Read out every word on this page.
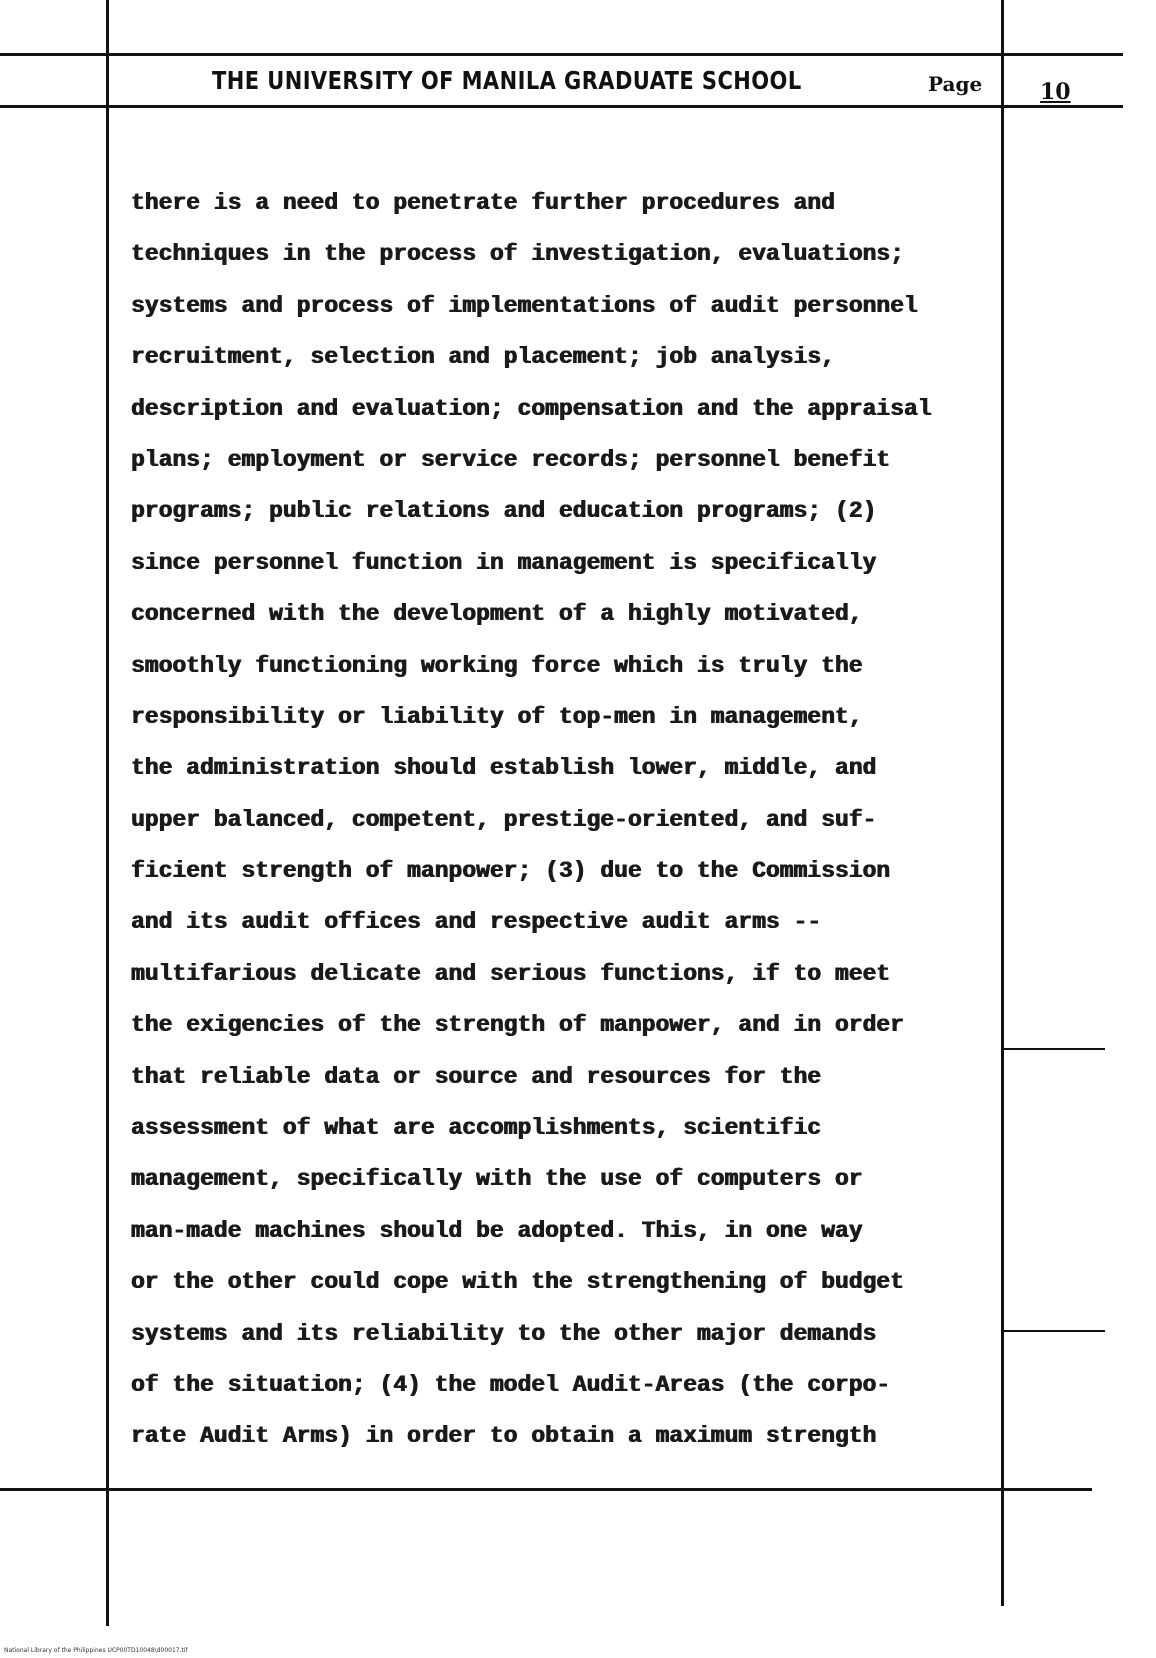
THE UNIVERSITY OF MANILA GRADUATE SCHOOL	Page	10
there is a need to penetrate further procedures and
techniques in the process of investigation, evaluations;
systems and process of implementations of audit personnel
recruitment, selection and placement; job analysis,
description and evaluation; compensation and the appraisal
plans; employment or service records; personnel benefit
programs; public relations and education programs; (2)
since personnel function in management is specifically
concerned with the development of a highly motivated,
smoothly functioning working force which is truly the
responsibility or liability of top-men in management,
the administration should establish lower, middle, and
upper balanced, competent, prestige-oriented, and suf-
ficient strength of manpower; (3) due to the Commission
and its audit offices and respective audit arms --
multifarious delicate and serious functions, if to meet
the exigencies of the strength of manpower, and in order
that reliable data or source and resources for the
assessment of what are accomplishments, scientific
management, specifically with the use of computers or
man-made machines should be adopted. This, in one way
or the other could cope with the strengthening of budget
systems and its reliability to the other major demands
of the situation; (4) the model Audit-Areas (the corpo-
rate Audit Arms) in order to obtain a maximum strength
National Library of the Philippines UCP00TD10048\d00017.tif
